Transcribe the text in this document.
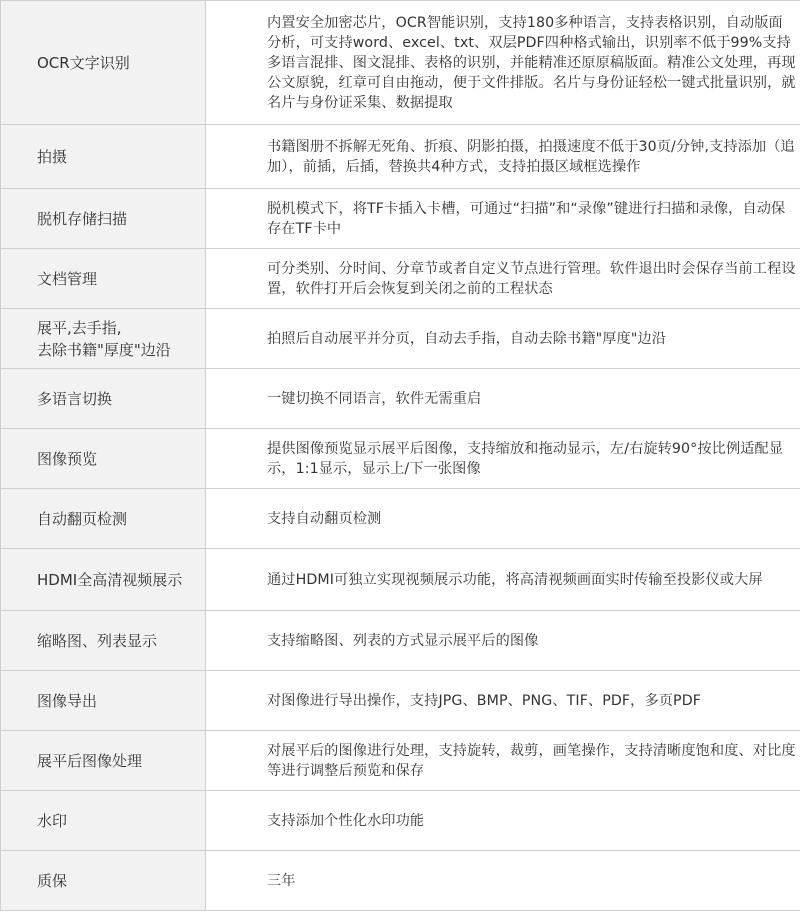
OCR文字识别	内置安全加密芯片，OCR智能识别，支持180多种语言，支持表格识别，自动版面分析，可支持word、excel、txt、双层PDF四种格式输出，识别率不低于99%支持多语言混排、图文混排、表格的识别，并能精准还原原稿版面。精准公文处理，再现公文原貌，红章可自由拖动，便于文件排版。名片与身份证轻松一键式批量识别，就名片与身份证采集、数据提取
拍摄	书籍图册不拆解无死角、折痕、阴影拍摄，拍摄速度不低于30页/分钟,支持添加（追加），前插，后插，替换共4种方式，支持拍摄区域框选操作
脱机存储扫描	脱机模式下，将TF卡插入卡槽，可通过“扫描”和“录像”键进行扫描和录像，自动保存在TF卡中
文档管理	可分类别、分时间、分章节或者自定义节点进行管理。软件退出时会保存当前工程设置，软件打开后会恢复到关闭之前的工程状态
展平,去手指,
去除书籍"厚度"边沿	拍照后自动展平并分页，自动去手指，自动去除书籍"厚度"边沿
多语言切换	一键切换不同语言，软件无需重启
图像预览	提供图像预览显示展平后图像，支持缩放和拖动显示，左/右旋转90°按比例适配显示，1:1显示，显示上/下一张图像
自动翻页检测	支持自动翻页检测
HDMI全高清视频展示	通过HDMI可独立实现视频展示功能，将高清视频画面实时传输至投影仪或大屏
缩略图、列表显示	支持缩略图、列表的方式显示展平后的图像
图像导出	对图像进行导出操作，支持JPG、BMP、PNG、TIF、PDF，多页PDF
展平后图像处理	对展平后的图像进行处理，支持旋转，裁剪，画笔操作，支持清晰度饱和度、对比度等进行调整后预览和保存
水印	支持添加个性化水印功能
质保	三年
